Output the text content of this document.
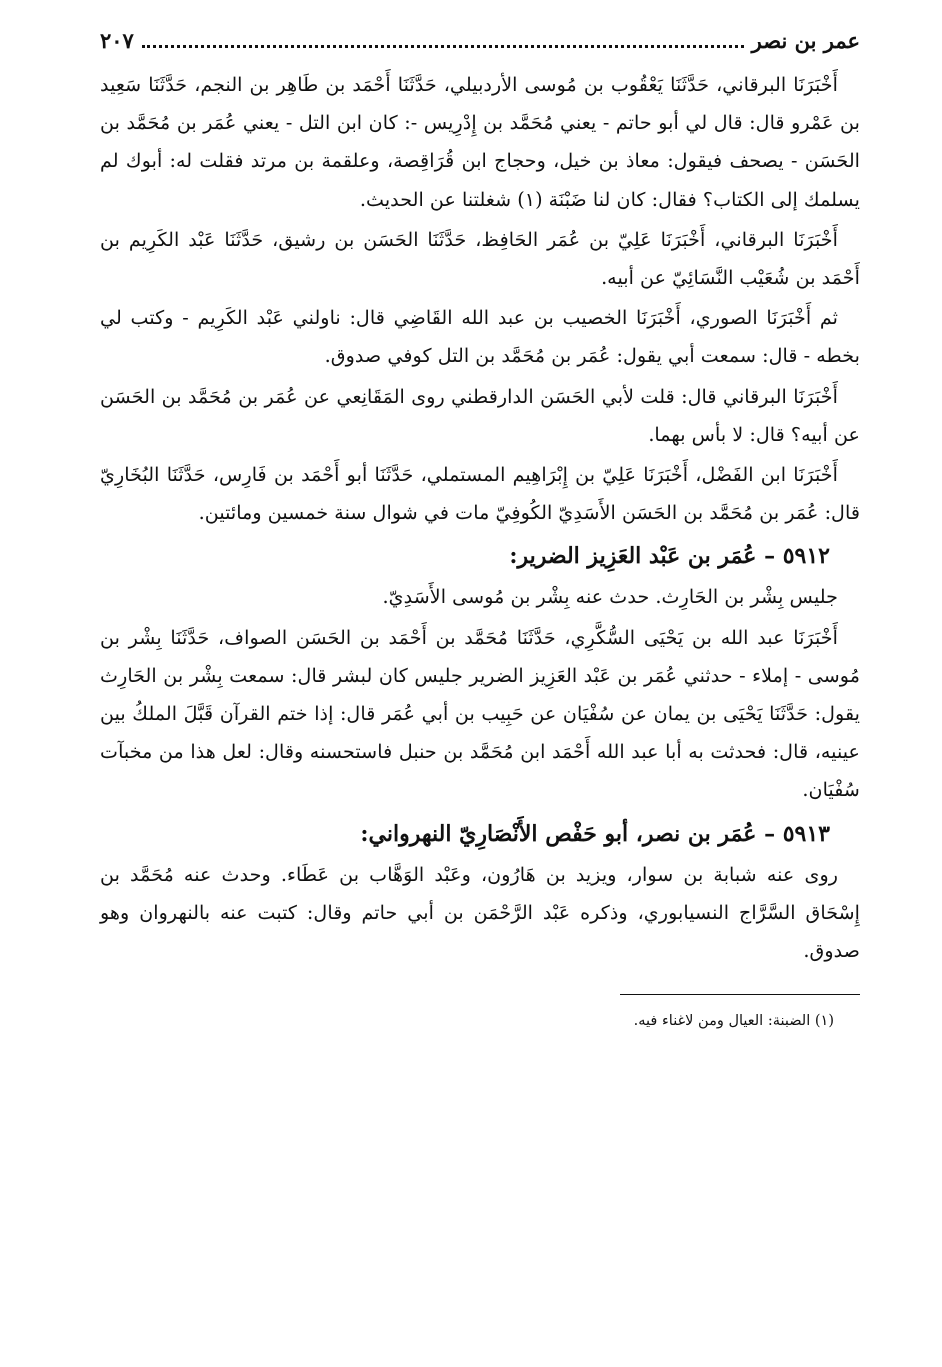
عمر بن نصر
٢٠٧

أَخْبَرَنَا البرقاني، حَدَّثَنَا يَعْقُوب بن مُوسى الأردبيلي، حَدَّثَنَا أَحْمَد بن طَاهِر بن النجم، حَدَّثَنَا سَعِيد بن عَمْرو قال: قال لي أبو حاتم - يعني مُحَمَّد بن إِدْرِيس -: كان ابن التل - يعني عُمَر بن مُحَمَّد بن الحَسَن - يصحف فيقول: معاذ بن خيل، وحجاج ابن قُرَاقِصة، وعلقمة بن مرتد فقلت له: أبوك لم يسلمك إلى الكتاب؟ فقال: كان لنا ضَبْنَة (١) شغلتنا عن الحديث.

أَخْبَرَنَا البرقاني، أَخْبَرَنَا عَلِيّ بن عُمَر الحَافِظ، حَدَّثَنَا الحَسَن بن رشيق، حَدَّثَنَا عَبْد الكَرِيم بن أَحْمَد بن شُعَيْب النَّسَائِيّ عن أبيه.

ثم أَخْبَرَنَا الصوري، أَخْبَرَنَا الخصيب بن عبد الله القَاضِي قال: ناولني عَبْد الكَرِيم - وكتب لي بخطه - قال: سمعت أبي يقول: عُمَر بن مُحَمَّد بن التل كوفي صدوق.

أَخْبَرَنَا البرقاني قال: قلت لأبي الحَسَن الدارقطني روى المَقَانِعي عن عُمَر بن مُحَمَّد بن الحَسَن عن أبيه؟ قال: لا بأس بهما.

أَخْبَرَنَا ابن الفَضْل، أَخْبَرَنَا عَلِيّ بن إِبْرَاهِيم المستملي، حَدَّثَنَا أبو أَحْمَد بن فَارِس، حَدَّثَنَا البُخَارِيّ قال: عُمَر بن مُحَمَّد بن الحَسَن الأَسَدِيّ الكُوفِيّ مات في شوال سنة خمسين ومائتين.

٥٩١٢ – عُمَر بن عَبْد العَزِيز الضرير:

جليس بِشْر بن الحَارِث. حدث عنه بِشْر بن مُوسى الأَسَدِيّ.

أَخْبَرَنَا عبد الله بن يَحْيَى السُّكَّرِي، حَدَّثَنَا مُحَمَّد بن أَحْمَد بن الحَسَن الصواف، حَدَّثَنَا بِشْر بن مُوسى - إملاء - حدثني عُمَر بن عَبْد العَزِيز الضرير جليس كان لبشر قال: سمعت بِشْر بن الحَارِث يقول: حَدَّثَنَا يَحْيَى بن يمان عن سُفْيَان عن حَبِيب بن أبي عُمَر قال: إذا ختم القرآن قَبَّلَ الملكُ بين عينيه، قال: فحدثت به أبا عبد الله أَحْمَد ابن مُحَمَّد بن حنبل فاستحسنه وقال: لعل هذا من مخبآت سُفْيَان.

٥٩١٣ – عُمَر بن نصر، أبو حَفْص الأَنْصَارِيّ النهرواني:

روى عنه شبابة بن سوار، ويزيد بن هَارُون، وعَبْد الوَهَّاب بن عَطَاء. وحدث عنه مُحَمَّد بن إِسْحَاق السَّرَّاج النسيابوري، وذكره عَبْد الرَّحْمَن بن أبي حاتم وقال: كتبت عنه بالنهروان وهو صدوق.

(١) الضبنة: العيال ومن لاغناء فيه.
